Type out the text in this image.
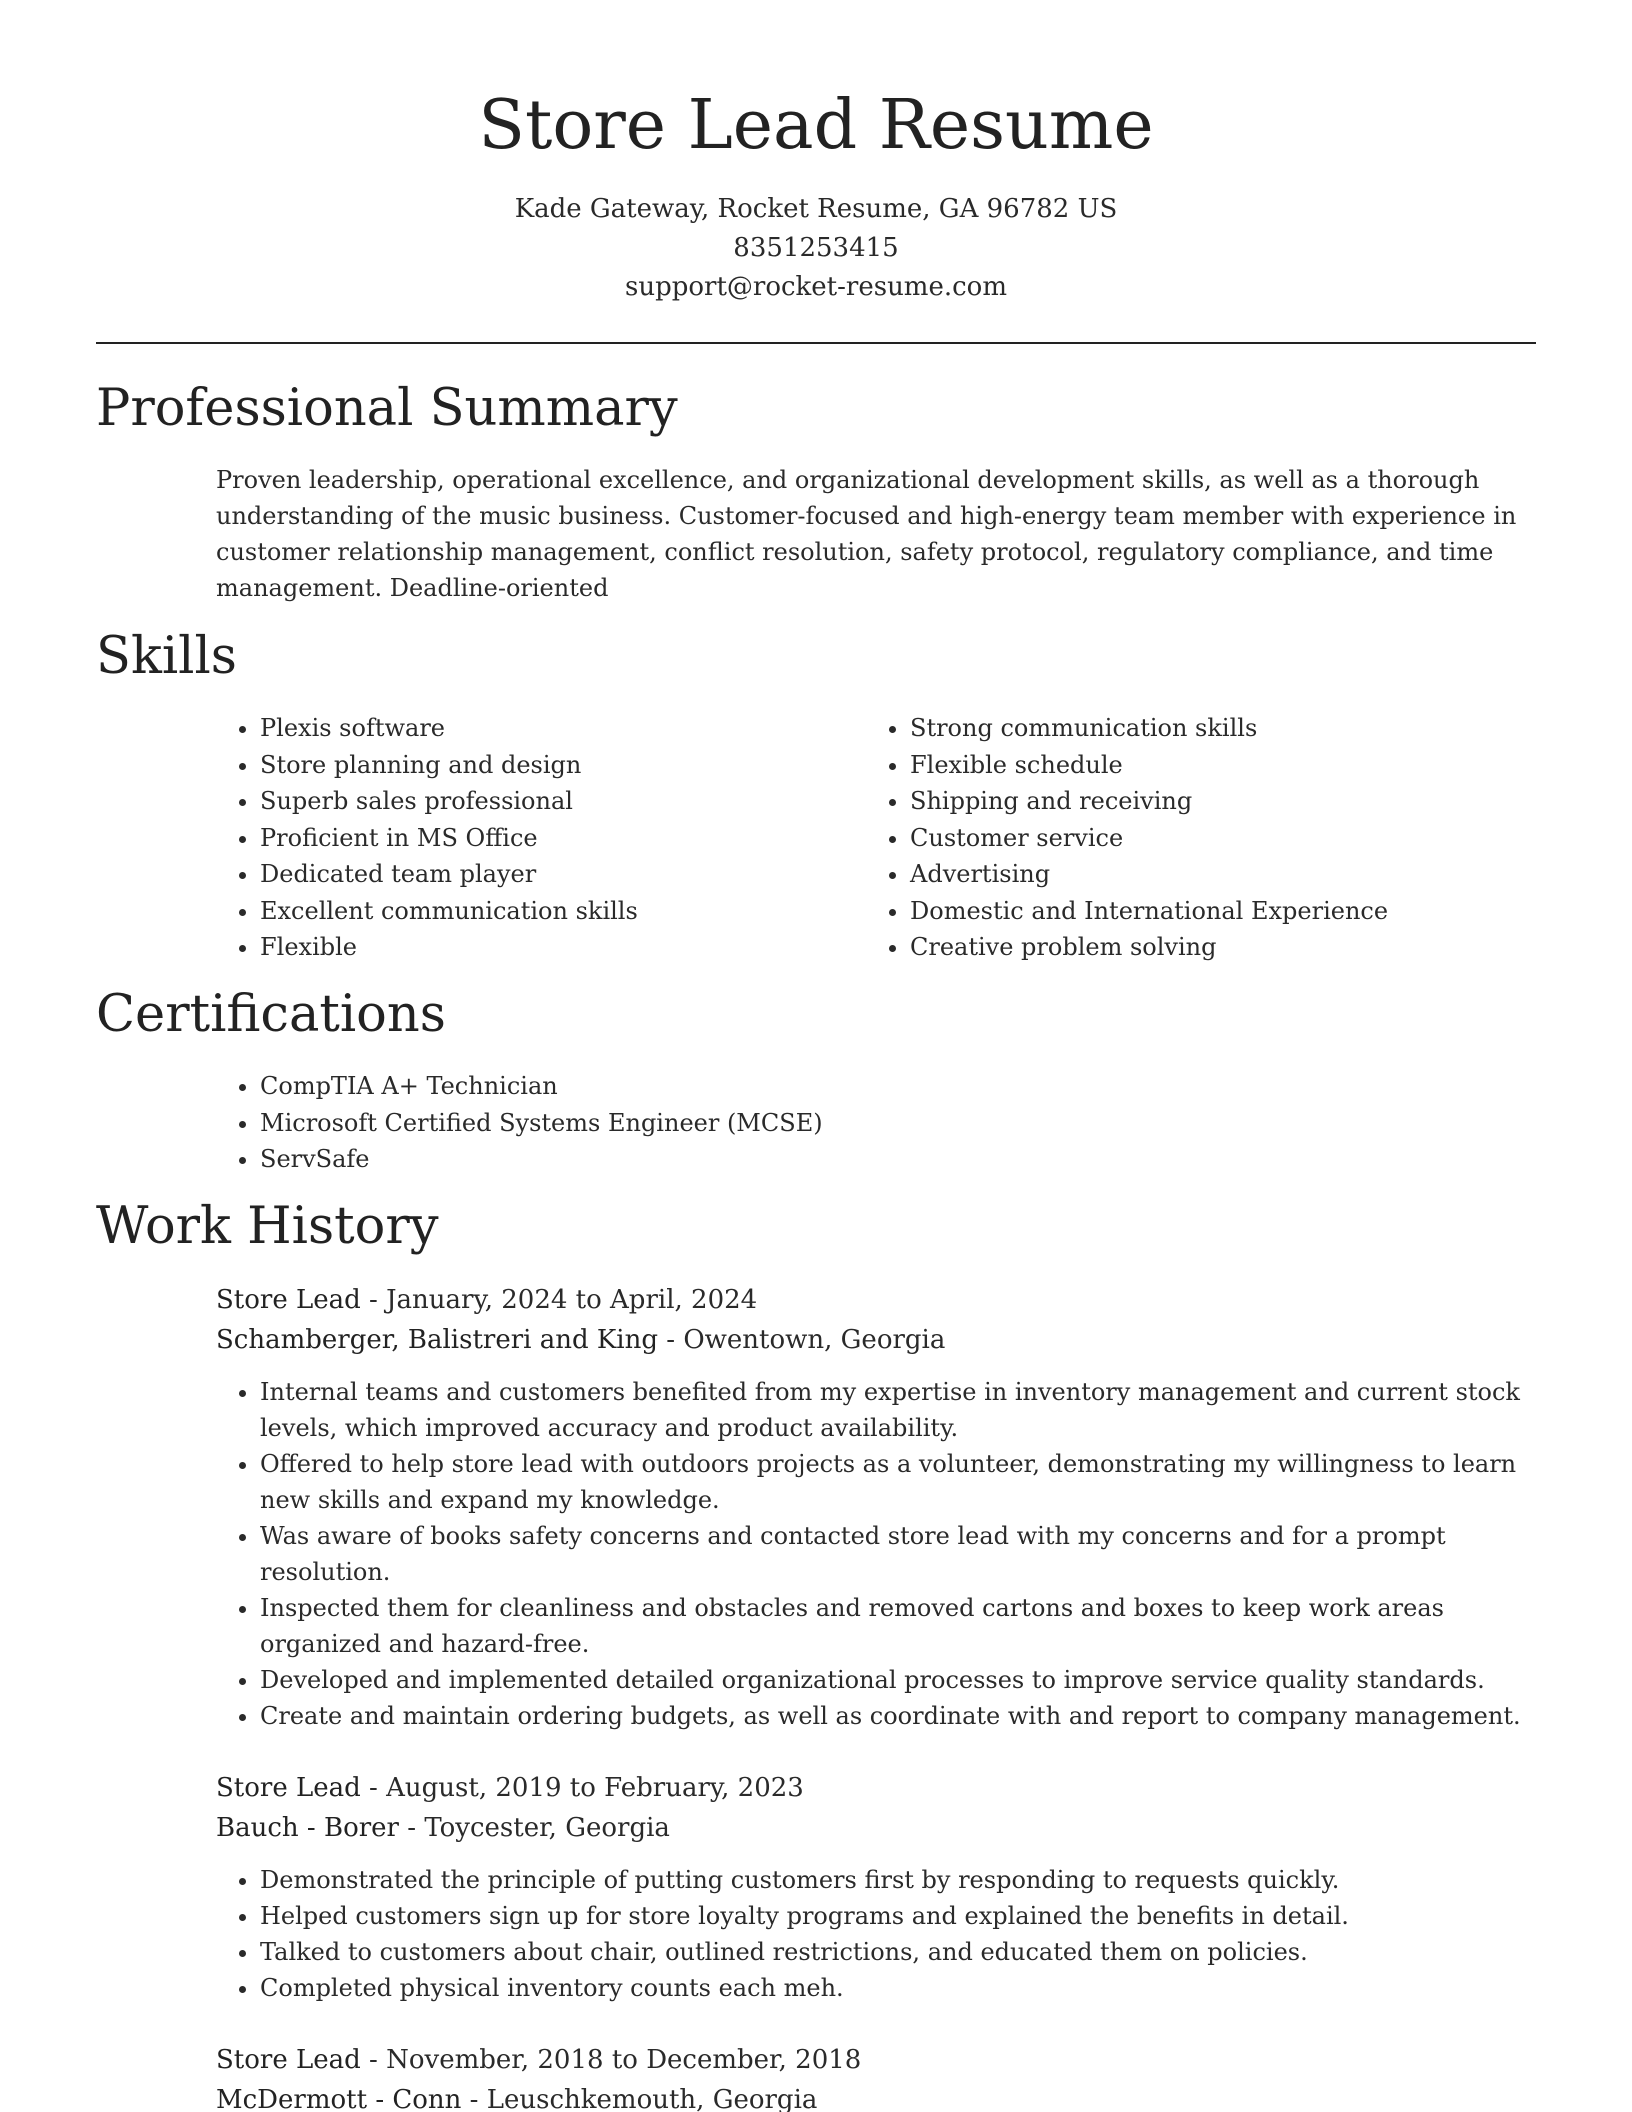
Store Lead Resume
Kade Gateway, Rocket Resume, GA 96782 US
8351253415
support@rocket-resume.com
Professional Summary

Proven leadership, operational excellence, and organizational development skills, as well as a thorough understanding of the music business. Customer-focused and high-energy team member with experience in customer relationship management, conflict resolution, safety protocol, regulatory compliance, and time management. Deadline-oriented

Skills
• Plexis software
• Store planning and design
• Superb sales professional
• Proficient in MS Office
• Dedicated team player
• Excellent communication skills
• Flexible
• Strong communication skills
• Flexible schedule
• Shipping and receiving
• Customer service
• Advertising
• Domestic and International Experience
• Creative problem solving
Certifications
• CompTIA A+ Technician
• Microsoft Certified Systems Engineer (MCSE)
• ServSafe
Work History

Store Lead - January, 2024 to April, 2024

Schamberger, Balistreri and King - Owentown, Georgia

• Internal teams and customers benefited from my expertise in inventory management and current stock levels, which improved accuracy and product availability.
• Offered to help store lead with outdoors projects as a volunteer, demonstrating my willingness to learn new skills and expand my knowledge.
• Was aware of books safety concerns and contacted store lead with my concerns and for a prompt resolution.
• Inspected them for cleanliness and obstacles and removed cartons and boxes to keep work areas organized and hazard-free.
• Developed and implemented detailed organizational processes to improve service quality standards.
• Create and maintain ordering budgets, as well as coordinate with and report to company management.

Store Lead - August, 2019 to February, 2023

Bauch - Borer - Toycester, Georgia

• Demonstrated the principle of putting customers first by responding to requests quickly.
• Helped customers sign up for store loyalty programs and explained the benefits in detail.
• Talked to customers about chair, outlined restrictions, and educated them on policies.
• Completed physical inventory counts each meh.

Store Lead - November, 2018 to December, 2018

McDermott - Conn - Leuschkemouth, Georgia
